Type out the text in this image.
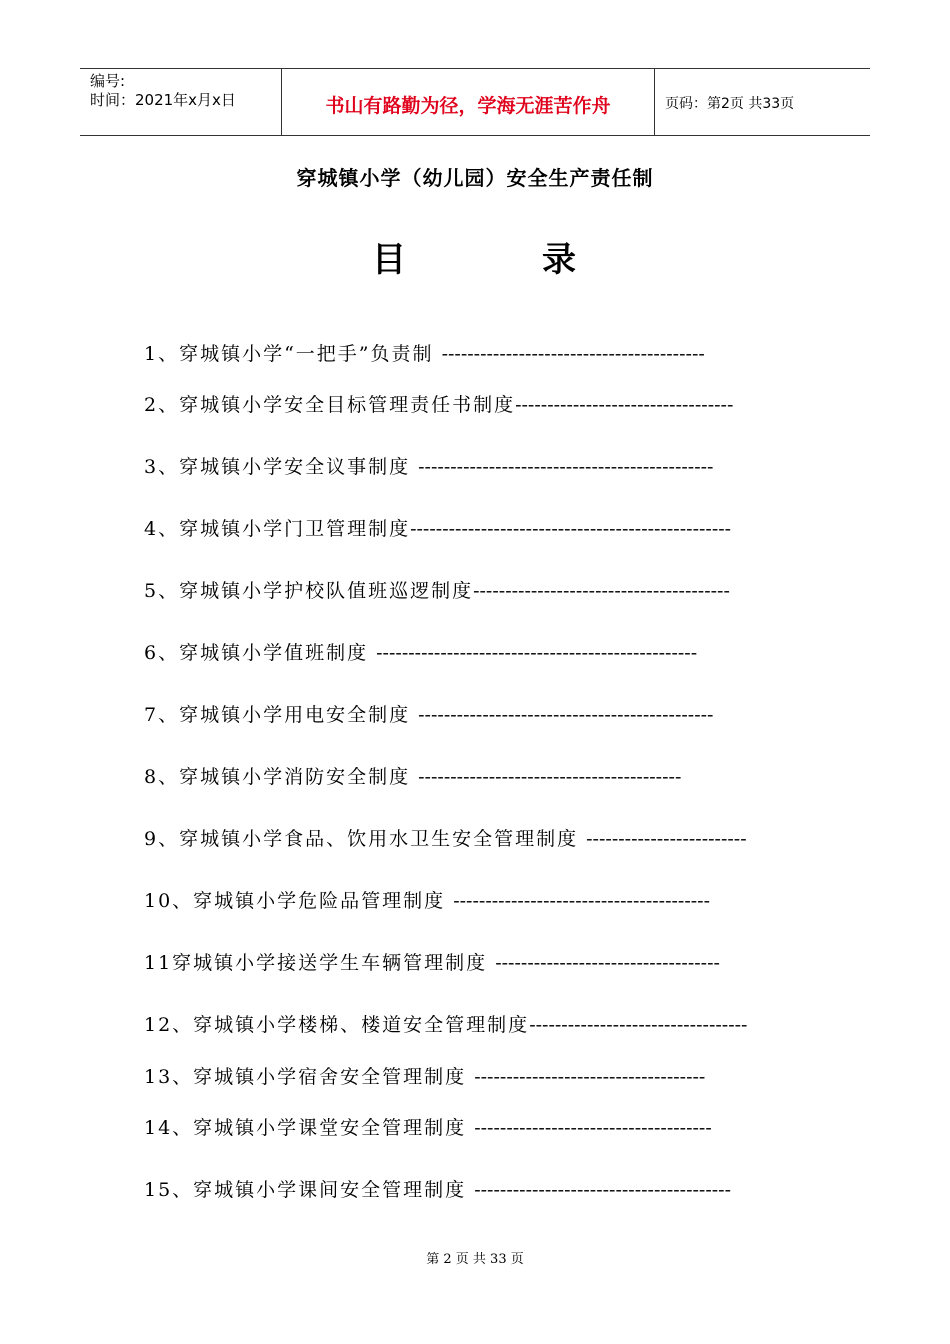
编号:
时间：2021年x月x日	书山有路勤为径，学海无涯苦作舟	页码：第2页 共33页
穿城镇小学（幼儿园）安全生产责任制
目	录
1、穿城镇小学“一把手”负责制 -----------------------------------------
2、穿城镇小学安全目标管理责任书制度----------------------------------
3、穿城镇小学安全议事制度 ----------------------------------------------
4、穿城镇小学门卫管理制度--------------------------------------------------
5、穿城镇小学护校队值班巡逻制度----------------------------------------
6、穿城镇小学值班制度 --------------------------------------------------
7、穿城镇小学用电安全制度 ----------------------------------------------
8、穿城镇小学消防安全制度 -----------------------------------------
9、穿城镇小学食品、饮用水卫生安全管理制度 -------------------------
10、穿城镇小学危险品管理制度 ----------------------------------------
11穿城镇小学接送学生车辆管理制度 -----------------------------------
12、穿城镇小学楼梯、楼道安全管理制度----------------------------------
13、穿城镇小学宿舍安全管理制度 ------------------------------------
14、穿城镇小学课堂安全管理制度 -------------------------------------
15、穿城镇小学课间安全管理制度 ----------------------------------------
第 2 页 共 33 页
